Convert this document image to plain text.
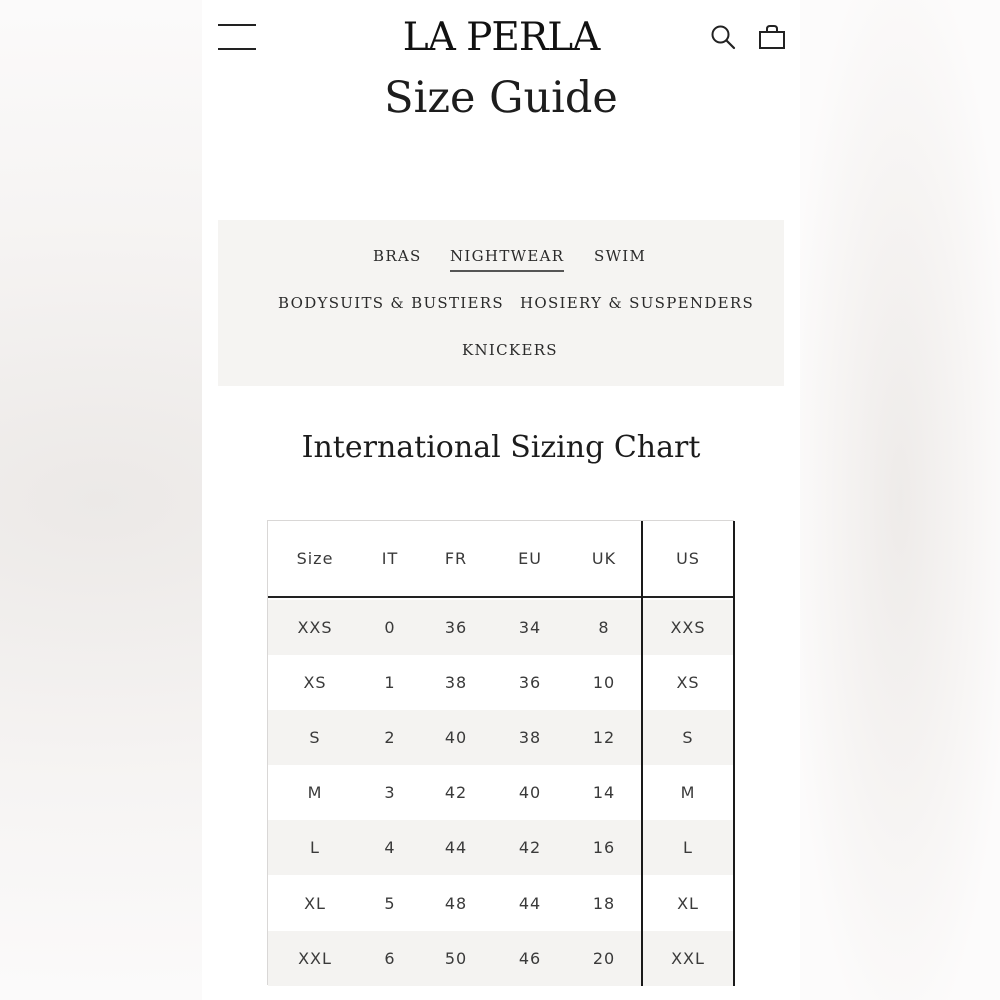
LA PERLA
Size Guide
BRAS NIGHTWEAR SWIM
BODYSUITS & BUSTIERS HOSIERY & SUSPENDERS
KNICKERS
International Sizing Chart
Size	IT	FR	EU	UK	US
XXS	0	36	34	8	XXS
XS	1	38	36	10	XS
S	2	40	38	12	S
M	3	42	40	14	M
L	4	44	42	16	L
XL	5	48	44	18	XL
XXL	6	50	46	20	XXL
